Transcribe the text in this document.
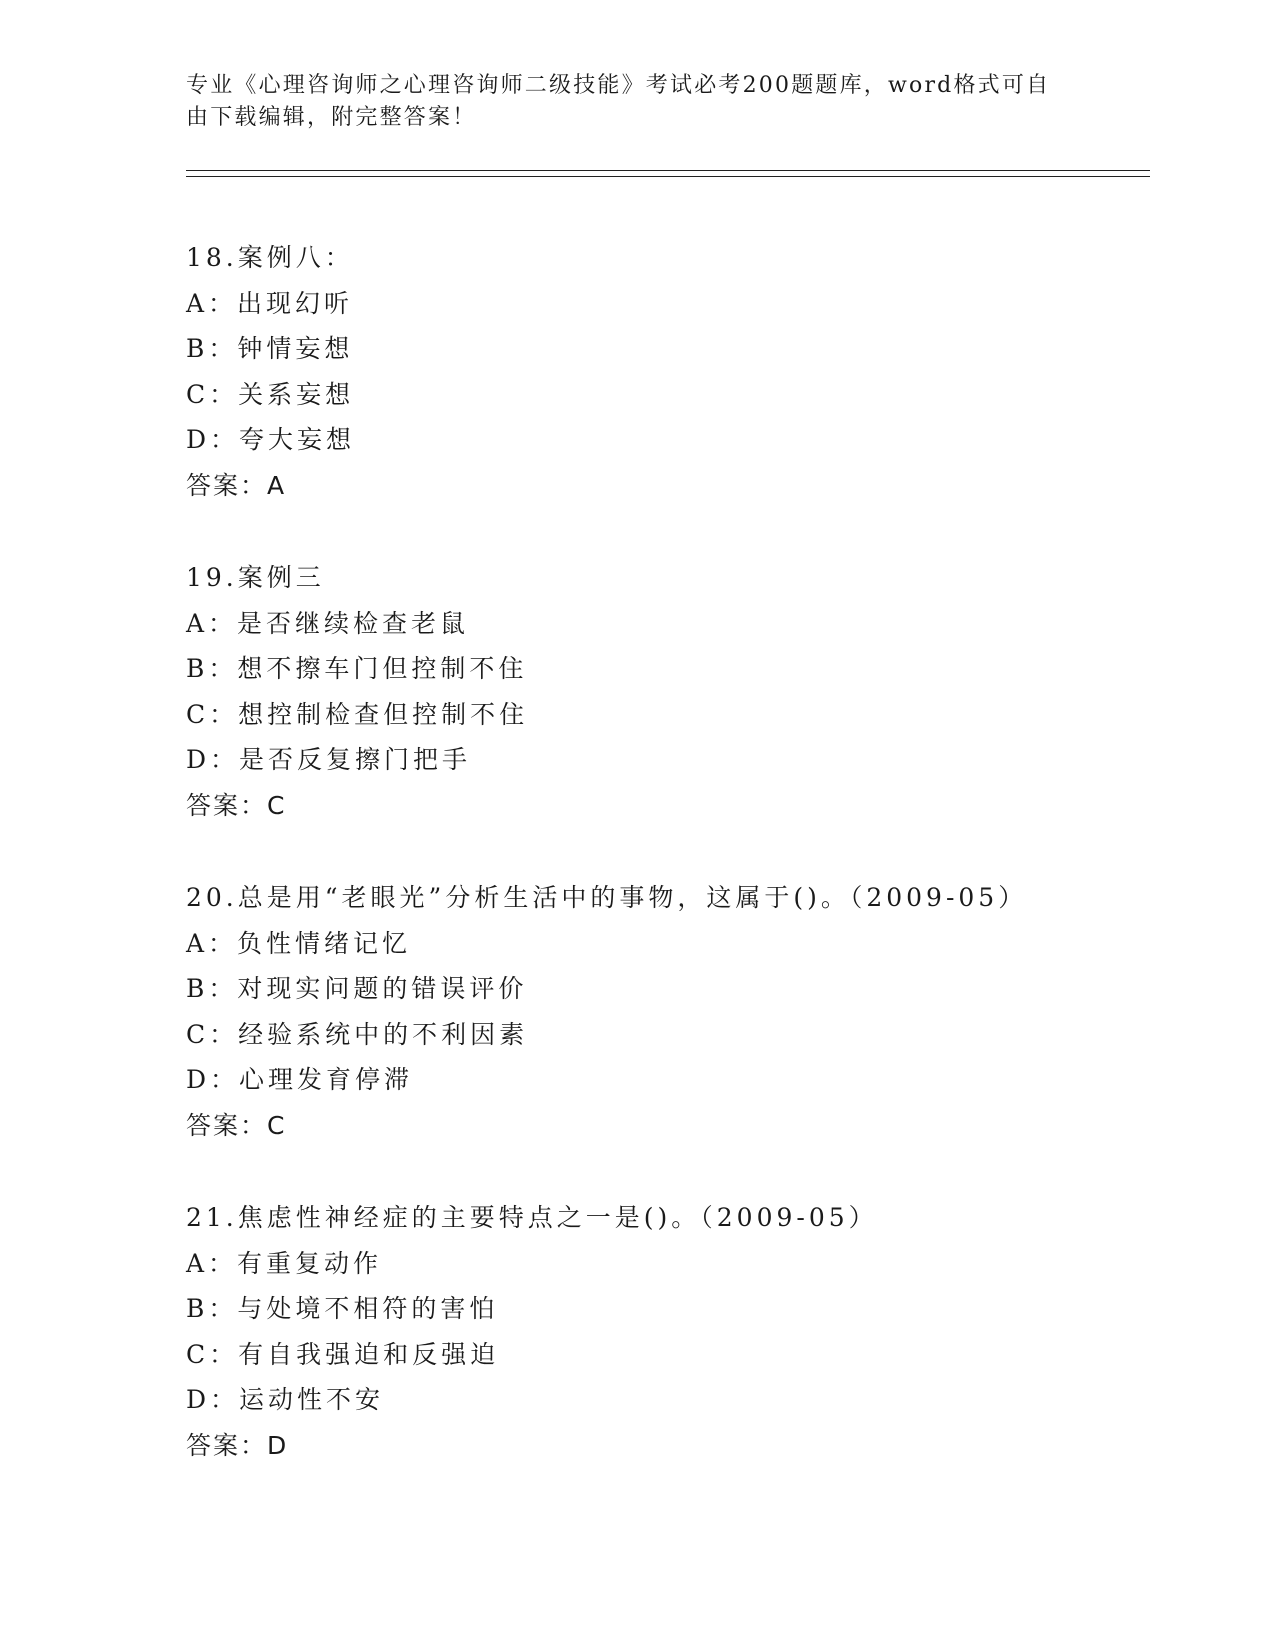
专业《心理咨询师之心理咨询师二级技能》考试必考200题题库，word格式可自由下载编辑，附完整答案！

18.案例八：
A：出现幻听
B：钟情妄想
C：关系妄想
D：夸大妄想
答案：A
19.案例三
A：是否继续检查老鼠
B：想不擦车门但控制不住
C：想控制检查但控制不住
D：是否反复擦门把手
答案：C
20.总是用“老眼光”分析生活中的事物，这属于()。（2009-05）
A：负性情绪记忆
B：对现实问题的错误评价
C：经验系统中的不利因素
D：心理发育停滞
答案：C
21.焦虑性神经症的主要特点之一是()。（2009-05）
A：有重复动作
B：与处境不相符的害怕
C：有自我强迫和反强迫
D：运动性不安
答案：D
